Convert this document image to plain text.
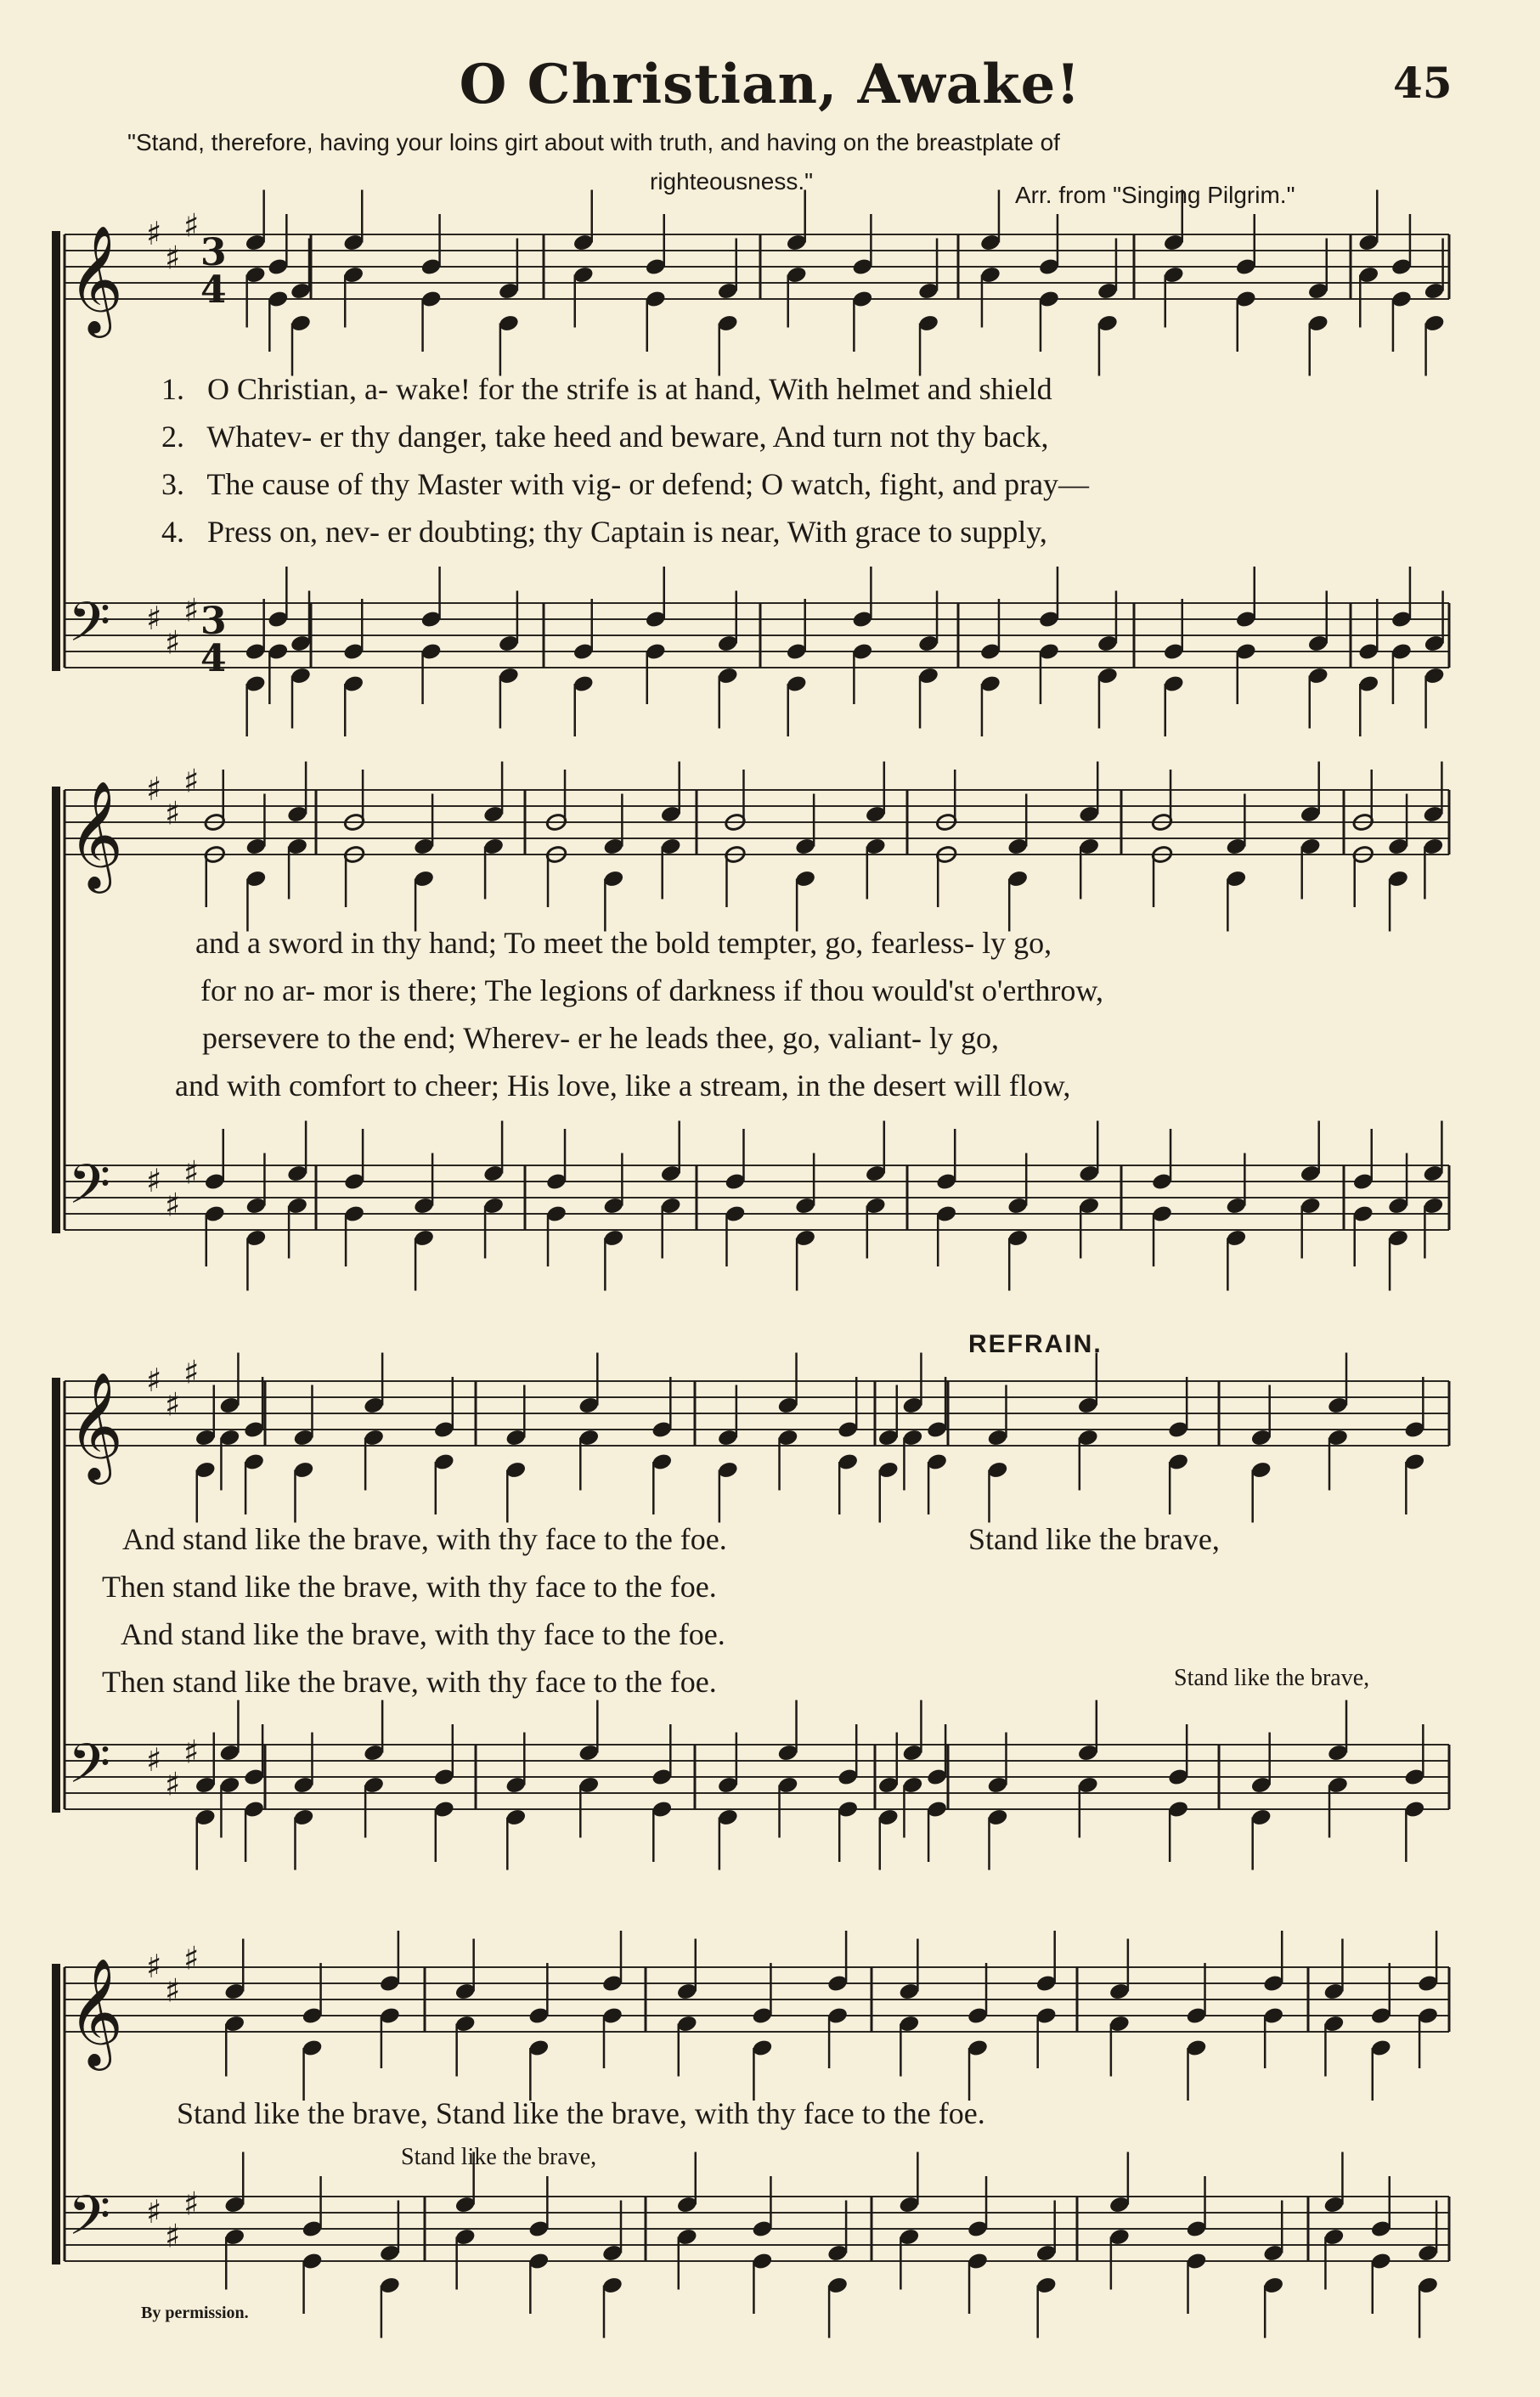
O Christian, Awake!	45
"Stand, therefore, having your loins girt about with truth, and having on the breastplate of
righteousness."
Arr. from "Singing Pilgrim."
𝄞 ♯
♯
♯
3
4
𝄢 ♯
♯
♯ 3
4
𝄞 ♯
♯
♯
𝄢 ♯
♯
♯
𝄞 ♯
♯
♯
𝄢 ♯
♯
♯
𝄞 ♯
♯
♯
𝄢 ♯
♯
♯
1. O Christian, a- wake! for the strife is at hand, With helmet and shield
2. Whatev- er thy danger, take heed and beware, And turn not thy back,
3. The cause of thy Master with vig- or defend; O watch, fight, and pray—
4. Press on, nev- er doubting; thy Captain is near, With grace to supply,
and a sword in thy hand; To meet the bold tempter, go, fearless- ly go,
for no ar- mor is there; The legions of darkness if thou would'st o'erthrow,
persevere to the end; Wherev- er he leads thee, go, valiant- ly go,
and with comfort to cheer; His love, like a stream, in the desert will flow,
REFRAIN.
And stand like the brave, with thy face to the foe.
Then stand like the brave, with thy face to the foe.
And stand like the brave, with thy face to the foe.
Then stand like the brave, with thy face to the foe.
Stand like the brave,
Stand like the brave,
Stand like the brave, Stand like the brave, with thy face to the foe.
Stand like the brave,
By permission.
